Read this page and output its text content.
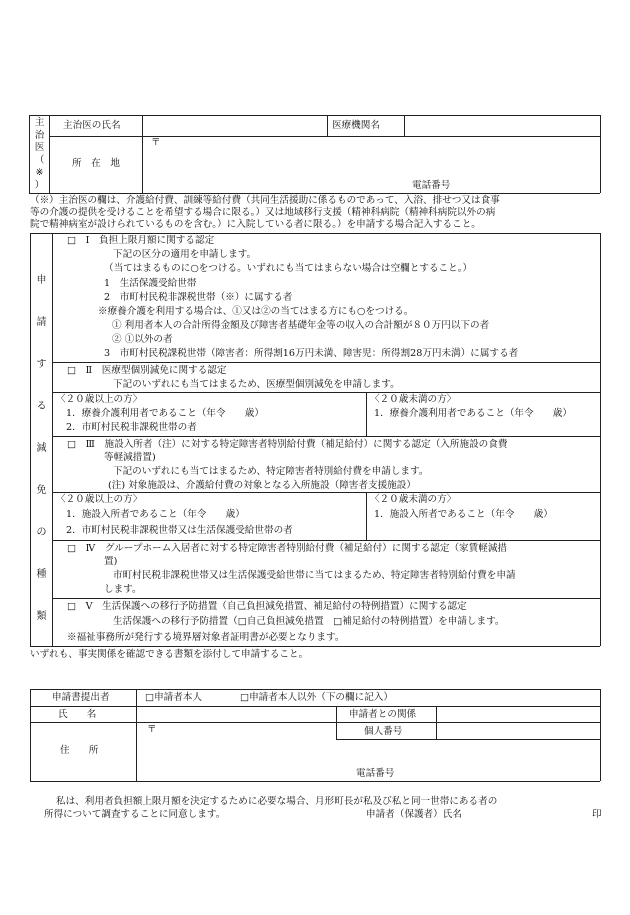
主
治
医
（
※
）
主治医の氏名	医療機関名
〒
所　在　地
電話番号
（※）主治医の欄は、介護給付費、訓練等給付費（共同生活援助に係るものであって、入浴、排せつ又は食事
等の介護の提供を受けることを希望する場合に限る。）又は地域移行支援（精神科病院（精神科病院以外の病
院で精神病室が設けられているものを含む。）に入院している者に限る。）を申請する場合記入すること。
申
請
す
る
減
免
の
種
類
□　Ⅰ　負担上限月額に関する認定
下記の区分の適用を申請します。
（当てはまるものに○をつける。いずれにも当てはまらない場合は空欄とすること。）
1　生活保護受給世帯
2　市町村民税非課税世帯（※）に属する者
※療養介護を利用する場合は、①又は②の当てはまる方にも○をつける。
① 利用者本人の合計所得金額及び障害者基礎年金等の収入の合計額が８０万円以下の者
② ①以外の者
3　市町村民税課税世帯（障害者：所得割16万円未満、障害児：所得割28万円未満）に属する者
□　Ⅱ　医療型個別減免に関する認定
下記のいずれにも当てはまるため、医療型個別減免を申請します。
〈２０歳以上の方〉
1．療養介護利用者であること（年令　　歳）
2．市町村民税非課税世帯の者
〈２０歳未満の方〉
1．療養介護利用者であること（年令　　歳）
□　Ⅲ　施設入所者（注）に対する特定障害者特別給付費（補足給付）に関する認定（入所施設の食費
等軽減措置)
下記のいずれにも当てはまるため、特定障害者特別給付費を申請します。
(注) 対象施設は、介護給付費の対象となる入所施設（障害者支援施設）
〈２０歳以上の方〉
1．施設入所者であること（年令　　歳）
2．市町村民税非課税世帯又は生活保護受給世帯の者
〈２０歳未満の方〉
1．施設入所者であること（年令　　歳）
□　Ⅳ　グループホーム入居者に対する特定障害者特別給付費（補足給付）に関する認定（家賃軽減措
置)
市町村民税非課税世帯又は生活保護受給世帯に当てはまるため、特定障害者特別給付費を申請
します。
□　Ⅴ　生活保護への移行予防措置（自己負担減免措置、補足給付の特例措置）に関する認定
生活保護への移行予防措置（□自己負担減免措置　□補足給付の特例措置）を申請します。
※福祉事務所が発行する境界層対象者証明書が必要となります。
いずれも、事実関係を確認できる書類を添付して申請すること。
申請書提出者	□申請者本人	□申請者本人以外（下の欄に記入）
氏　　名	申請者との関係
〒	個人番号
住　　所
電話番号
私は、利用者負担額上限月額を決定するために必要な場合、月形町長が私及び私と同一世帯にある者の
所得について調査することに同意します。	申請者（保護者）氏名	印
